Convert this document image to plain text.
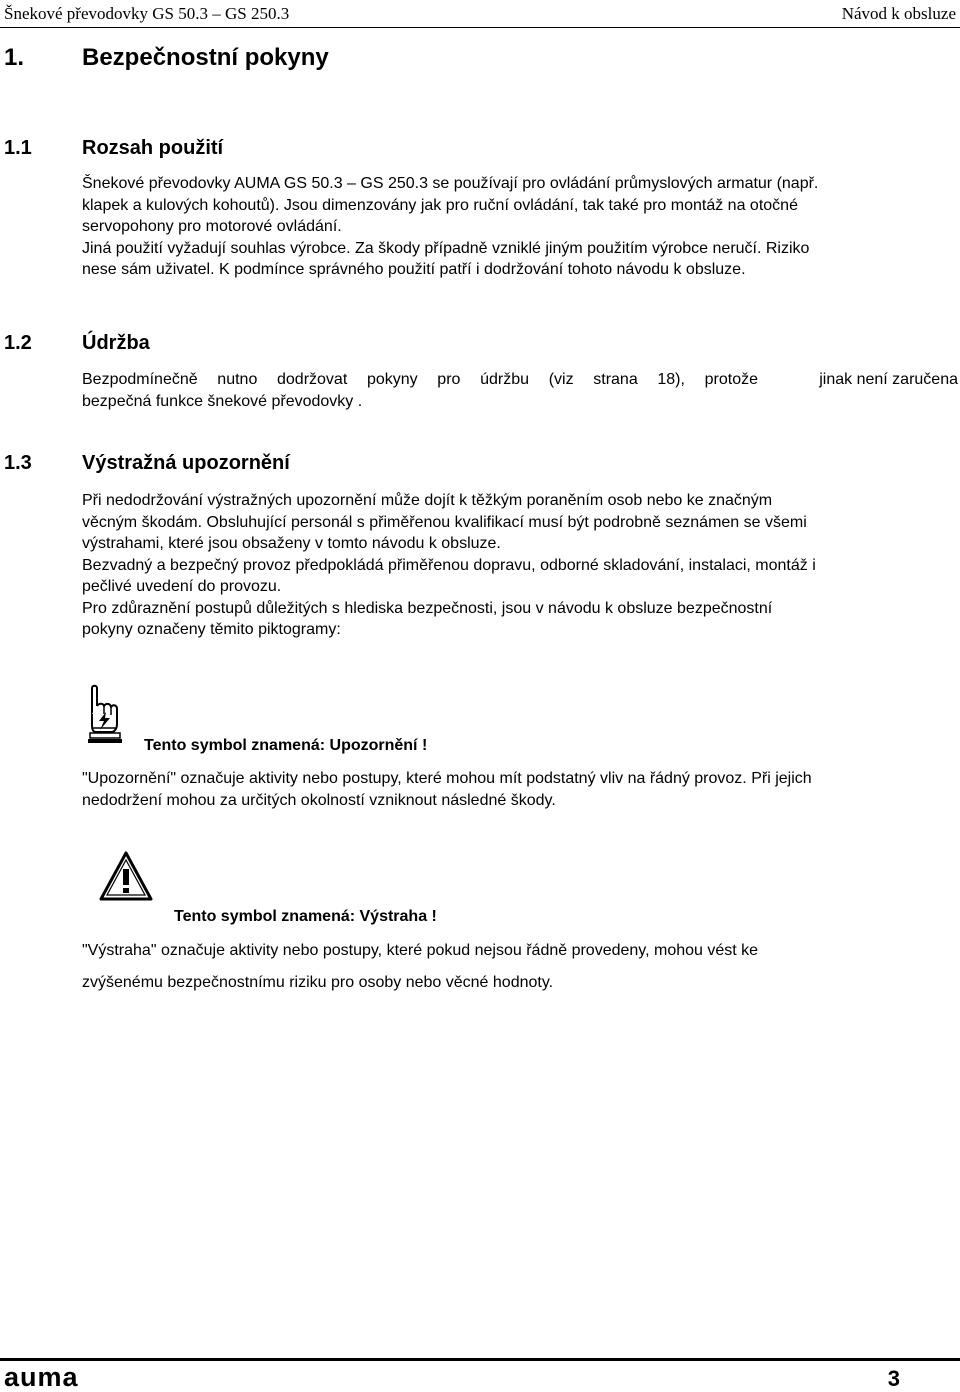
Šnekové převodovky GS 50.3 – GS 250.3	Návod k obsluze
1. Bezpečnostní pokyny
1.1	Rozsah použití

Šnekové převodovky AUMA GS 50.3 – GS 250.3 se používají pro ovládání průmyslových armatur (např.

klapek a kulových kohoutů). Jsou dimenzovány jak pro ruční ovládání, tak také pro montáž na otočné

servopohony pro motorové ovládání.

Jiná použití vyžadují souhlas výrobce. Za škody případně vzniklé jiným použitím výrobce neručí. Riziko

nese sám uživatel. K podmínce správného použití patří i dodržování tohoto návodu k obsluze.

1.2	Údržba
Bezpodmínečně nutno dodržovat pokyny pro údržbu (viz strana 18), protože	jinak není zaručena

bezpečná funkce šnekové převodovky .

1.3	Výstražná upozornění

Při nedodržování výstražných upozornění může dojít k těžkým poraněním osob nebo ke značným

věcným škodám. Obsluhující personál s přiměřenou kvalifikací musí být podrobně seznámen se všemi

výstrahami, které jsou obsaženy v tomto návodu k obsluze.

Bezvadný a bezpečný provoz předpokládá přiměřenou dopravu, odborné skladování, instalaci, montáž i

pečlivé uvedení do provozu.

Pro zdůraznění postupů důležitých s hlediska bezpečnosti, jsou v návodu k obsluze bezpečnostní

pokyny označeny těmito piktogramy:

Tento symbol znamená: Upozornění !

"Upozornění" označuje aktivity nebo postupy, které mohou mít podstatný vliv na řádný provoz. Při jejich

nedodržení mohou za určitých okolností vzniknout následné škody.

Tento symbol znamená: Výstraha !
"Výstraha" označuje aktivity nebo postupy, které pokud nejsou řádně provedeny, mohou vést ke
zvýšenému bezpečnostnímu riziku pro osoby nebo věcné hodnoty.
auma	3
